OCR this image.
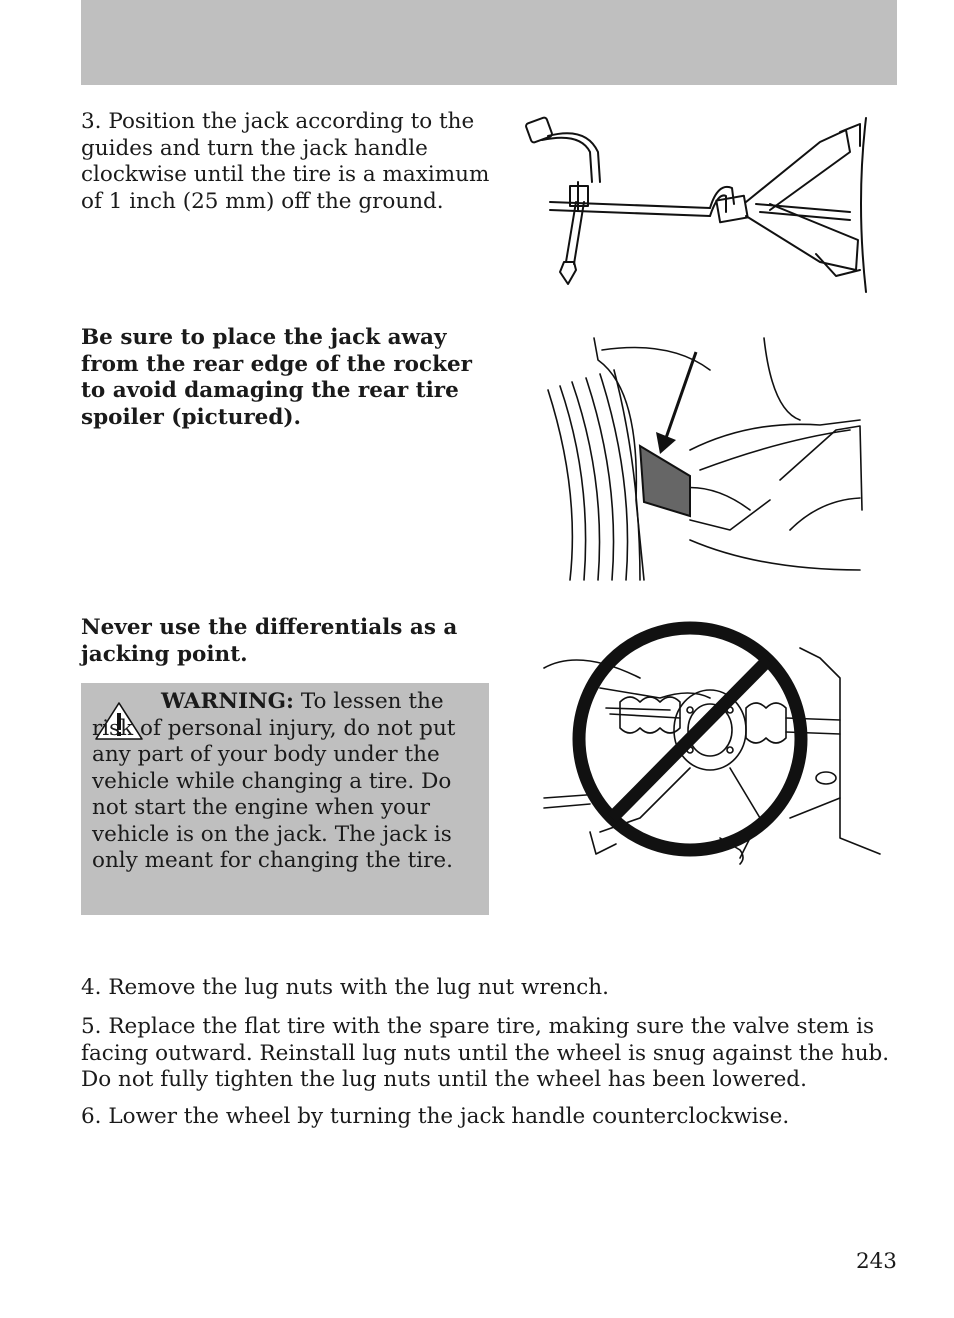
3. Position the jack according to the guides and turn the jack handle clockwise until the tire is a maximum of 1 inch (25 mm) off the ground.
Be sure to place the jack away from the rear edge of the rocker to avoid damaging the rear tire spoiler (pictured).
Never use the differentials as a jacking point.
WARNING: To lessen the risk of personal injury, do not put any part of your body under the vehicle while changing a tire. Do not start the engine when your vehicle is on the jack. The jack is only meant for changing the tire.
4. Remove the lug nuts with the lug nut wrench.
5. Replace the flat tire with the spare tire, making sure the valve stem is facing outward. Reinstall lug nuts until the wheel is snug against the hub. Do not fully tighten the lug nuts until the wheel has been lowered.
6. Lower the wheel by turning the jack handle counterclockwise.
243
